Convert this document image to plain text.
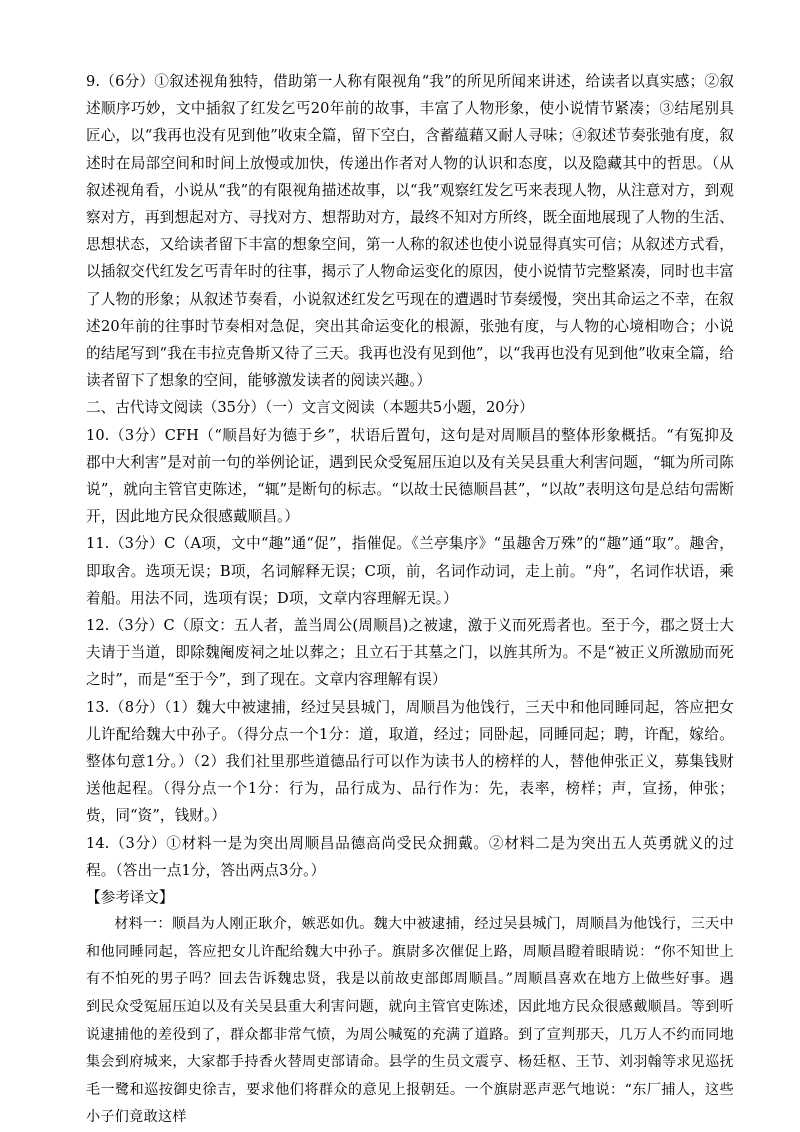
9.（6分）①叙述视角独特，借助第一人称有限视角“我”的所见所闻来讲述，给读者以真实感；②叙述顺序巧妙，文中插叙了红发乞丐20年前的故事，丰富了人物形象，使小说情节紧凑；③结尾别具匠心，以“我再也没有见到他”收束全篇，留下空白，含蓄蕴藉又耐人寻味；④叙述节奏张弛有度，叙述时在局部空间和时间上放慢或加快，传递出作者对人物的认识和态度，以及隐藏其中的哲思。（从叙述视角看，小说从“我”的有限视角描述故事，以“我”观察红发乞丐来表现人物，从注意对方，到观察对方，再到想起对方、寻找对方、想帮助对方，最终不知对方所终，既全面地展现了人物的生活、思想状态，又给读者留下丰富的想象空间，第一人称的叙述也使小说显得真实可信；从叙述方式看，以插叙交代红发乞丐青年时的往事，揭示了人物命运变化的原因，使小说情节完整紧凑，同时也丰富了人物的形象；从叙述节奏看，小说叙述红发乞丐现在的遭遇时节奏缓慢，突出其命运之不幸，在叙述20年前的往事时节奏相对急促，突出其命运变化的根源，张弛有度，与人物的心境相吻合；小说的结尾写到“我在韦拉克鲁斯又待了三天。我再也没有见到他”，以“我再也没有见到他”收束全篇，给读者留下了想象的空间，能够激发读者的阅读兴趣。）

二、古代诗文阅读（35分）（一）文言文阅读（本题共5小题，20分）

10.（3分）CFH（“顺昌好为德于乡”，状语后置句，这句是对周顺昌的整体形象概括。“有冤抑及郡中大利害”是对前一句的举例论证，遇到民众受冤屈压迫以及有关吴县重大利害问题，“辄为所司陈说”，就向主管官吏陈述，“辄”是断句的标志。“以故士民德顺昌甚”，“以故”表明这句是总结句需断开，因此地方民众很感戴顺昌。）

11.（3分）C（A项，文中“趣”通“促”，指催促。《兰亭集序》“虽趣舍万殊”的“趣”通“取”。趣舍，即取舍。选项无误；B项，名词解释无误；C项，前，名词作动词，走上前。“舟”，名词作状语，乘着船。用法不同，选项有误；D项，文章内容理解无误。）

12.（3分）C（原文：五人者，盖当周公(周顺昌)之被逮，激于义而死焉者也。至于今，郡之贤士大夫请于当道，即除魏阉废祠之址以葬之；且立石于其墓之门，以旌其所为。不是“被正义所激励而死之时”，而是“至于今”，到了现在。文章内容理解有误）

13.（8分）（1）魏大中被逮捕，经过吴县城门，周顺昌为他饯行，三天中和他同睡同起，答应把女儿许配给魏大中孙子。（得分点一个1分：道，取道，经过；同卧起，同睡同起；聘，许配，嫁给。整体句意1分。）（2）我们社里那些道德品行可以作为读书人的榜样的人，替他伸张正义，募集钱财送他起程。（得分点一个1分：行为，品行成为、品行作为：先，表率，榜样；声，宣扬，伸张；赀，同“资”，钱财。）

14.（3分）①材料一是为突出周顺昌品德高尚受民众拥戴。②材料二是为突出五人英勇就义的过程。（答出一点1分，答出两点3分。）

【参考译文】

材料一：顺昌为人刚正耿介，嫉恶如仇。魏大中被逮捕，经过吴县城门，周顺昌为他饯行，三天中和他同睡同起，答应把女儿许配给魏大中孙子。旗尉多次催促上路，周顺昌瞪着眼睛说：“你不知世上有不怕死的男子吗？回去告诉魏忠贤，我是以前故吏部郎周顺昌。”周顺昌喜欢在地方上做些好事。遇到民众受冤屈压迫以及有关吴县重大利害问题，就向主管官吏陈述，因此地方民众很感戴顺昌。等到听说逮捕他的差役到了，群众都非常气愤，为周公喊冤的充满了道路。到了宣判那天，几万人不约而同地集会到府城来，大家都手持香火替周吏部请命。县学的生员文震亨、杨廷枢、王节、刘羽翰等求见巡抚毛一鹭和巡按御史徐吉，要求他们将群众的意见上报朝廷。一个旗尉恶声恶气地说：“东厂捕人，这些小子们竟敢这样
